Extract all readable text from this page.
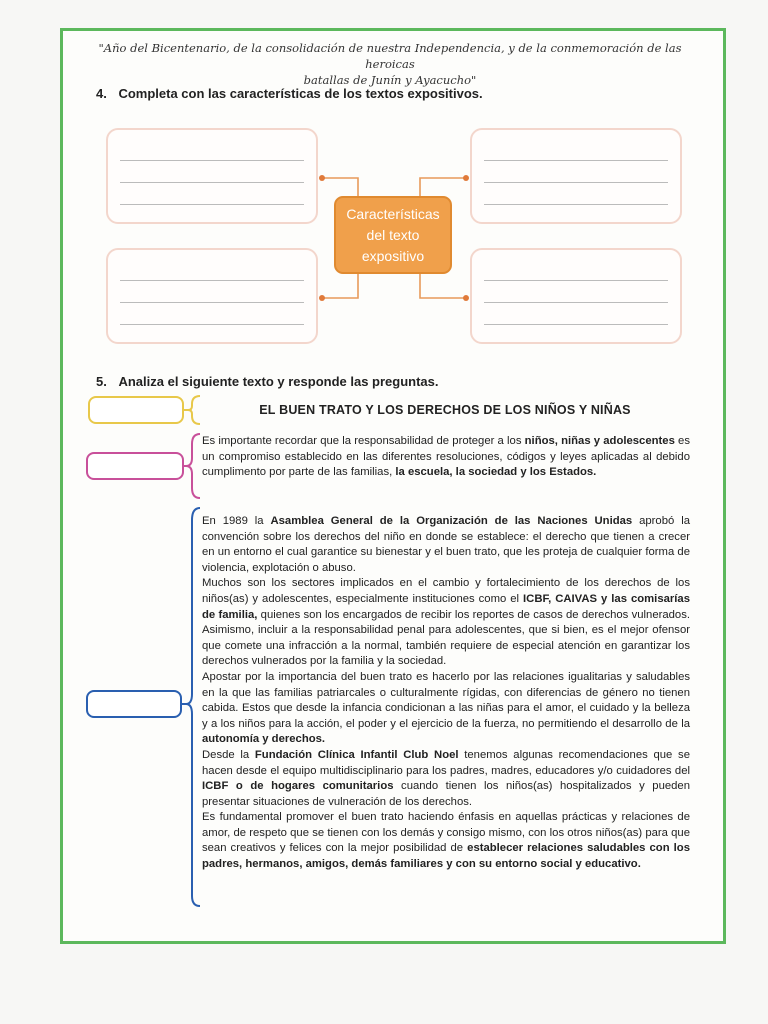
"Año del Bicentenario, de la consolidación de nuestra Independencia, y de la conmemoración de las heroicas
batallas de Junín y Ayacucho"
4. Completa con las características de los textos expositivos.
Características
del texto
expositivo
5. Analiza el siguiente texto y responde las preguntas.
EL BUEN TRATO Y LOS DERECHOS DE LOS NIÑOS Y NIÑAS

Es importante recordar que la responsabilidad de proteger a los niños, niñas y adolescentes es un compromiso establecido en las diferentes resoluciones, códigos y leyes aplicadas al debido cumplimento por parte de las familias, la escuela, la sociedad y los Estados.

En 1989 la Asamblea General de la Organización de las Naciones Unidas aprobó la convención sobre los derechos del niño en donde se establece: el derecho que tienen a crecer en un entorno el cual garantice su bienestar y el buen trato, que les proteja de cualquier forma de violencia, explotación o abuso.

Muchos son los sectores implicados en el cambio y fortalecimiento de los derechos de los niños(as) y adolescentes, especialmente instituciones como el ICBF, CAIVAS y las comisarías de familia, quienes son los encargados de recibir los reportes de casos de derechos vulnerados. Asimismo, incluir a la responsabilidad penal para adolescentes, que si bien, es el mejor ofensor que comete una infracción a la normal, también requiere de especial atención en garantizar los derechos vulnerados por la familia y la sociedad.

Apostar por la importancia del buen trato es hacerlo por las relaciones igualitarias y saludables en la que las familias patriarcales o culturalmente rígidas, con diferencias de género no tienen cabida. Estos que desde la infancia condicionan a las niñas para el amor, el cuidado y la belleza y a los niños para la acción, el poder y el ejercicio de la fuerza, no permitiendo el desarrollo de la autonomía y derechos.

Desde la Fundación Clínica Infantil Club Noel tenemos algunas recomendaciones que se hacen desde el equipo multidisciplinario para los padres, madres, educadores y/o cuidadores del ICBF o de hogares comunitarios cuando tienen los niños(as) hospitalizados y pueden presentar situaciones de vulneración de los derechos.

Es fundamental promover el buen trato haciendo énfasis en aquellas prácticas y relaciones de amor, de respeto que se tienen con los demás y consigo mismo, con los otros niños(as) para que sean creativos y felices con la mejor posibilidad de establecer relaciones saludables con los padres, hermanos, amigos, demás familiares y con su entorno social y educativo.
